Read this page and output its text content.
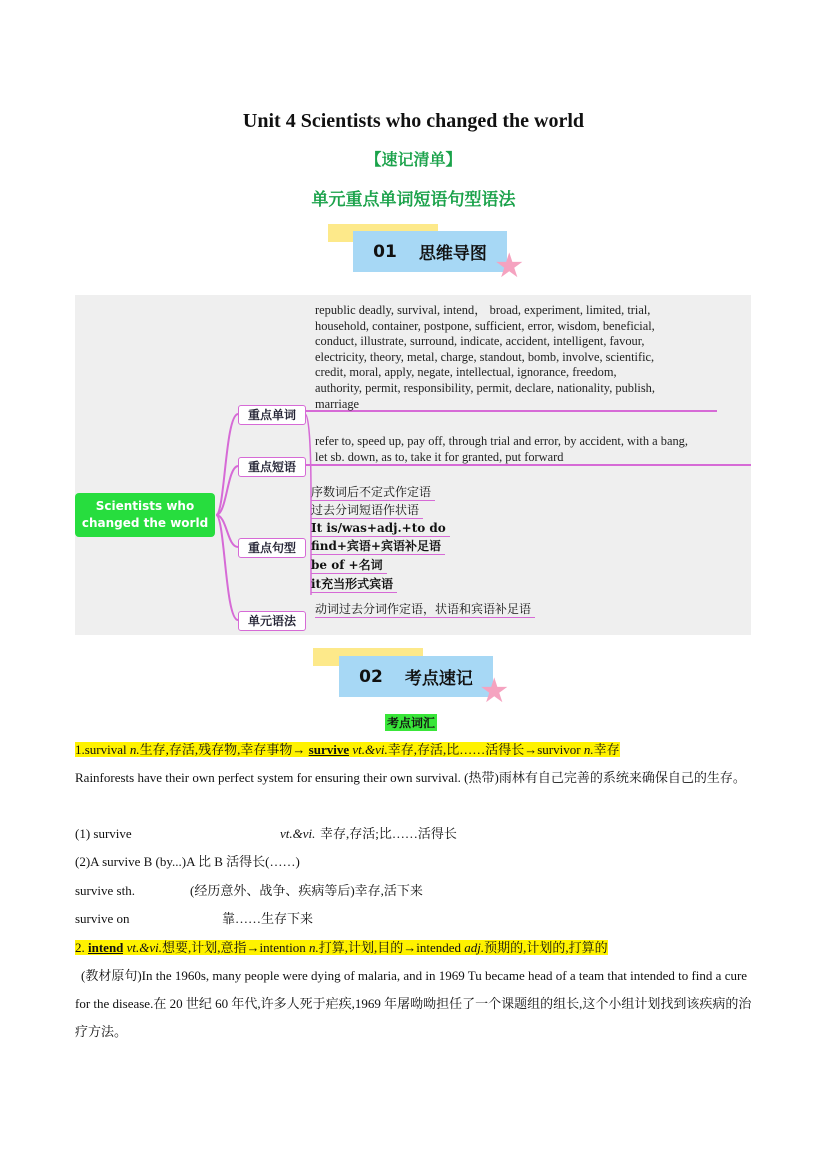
Unit 4 Scientists who changed the world
【速记清单】
单元重点单词短语句型语法
01 思维导图 ★
Scientists who
changed the world
重点单词
republic deadly, survival, intend， broad, experiment, limited, trial,
household, container, postpone, sufficient, error, wisdom, beneficial,
conduct, illustrate, surround, indicate, accident, intelligent, favour,
electricity, theory, metal, charge, standout, bomb, involve, scientific,
credit, moral, apply, negate, intellectual, ignorance, freedom,
authority, permit, responsibility, permit, declare, nationality, publish,
marriage
重点短语
refer to, speed up, pay off, through trial and error, by accident, with a bang,
let sb. down, as to, take it for granted, put forward
重点句型
序数词后不定式作定语
过去分词短语作状语
It is/was+adj.+to do
find+宾语+宾语补足语
be of +名词
it充当形式宾语
单元语法
动词过去分词作定语，状语和宾语补足语
02 考点速记 ★
考点词汇
1.survival n.生存,存活,残存物,幸存事物→ survive vt.&vi.幸存,存活,比……活得长→survivor n.幸存
Rainforests have their own perfect system for ensuring their own survival. (热带)雨林有自己完善的系统来确保自己的生存。
(1) survive	vt.&vi. 幸存,存活;比……活得长
(2)A survive B (by...)A 比 B 活得长(……)
survive sth.	(经历意外、战争、疾病等后)幸存,活下来
survive on	靠……生存下来
2. intend vt.&vi.想要,计划,意指→intention n.打算,计划,目的→intended adj.预期的,计划的,打算的
(教材原句)In the 1960s, many people were dying of malaria, and in 1969 Tu became head of a team that intended to find a cure for the disease.在 20 世纪 60 年代,许多人死于疟疾,1969 年屠呦呦担任了一个课题组的组长,这个小组计划找到该疾病的治疗方法。
